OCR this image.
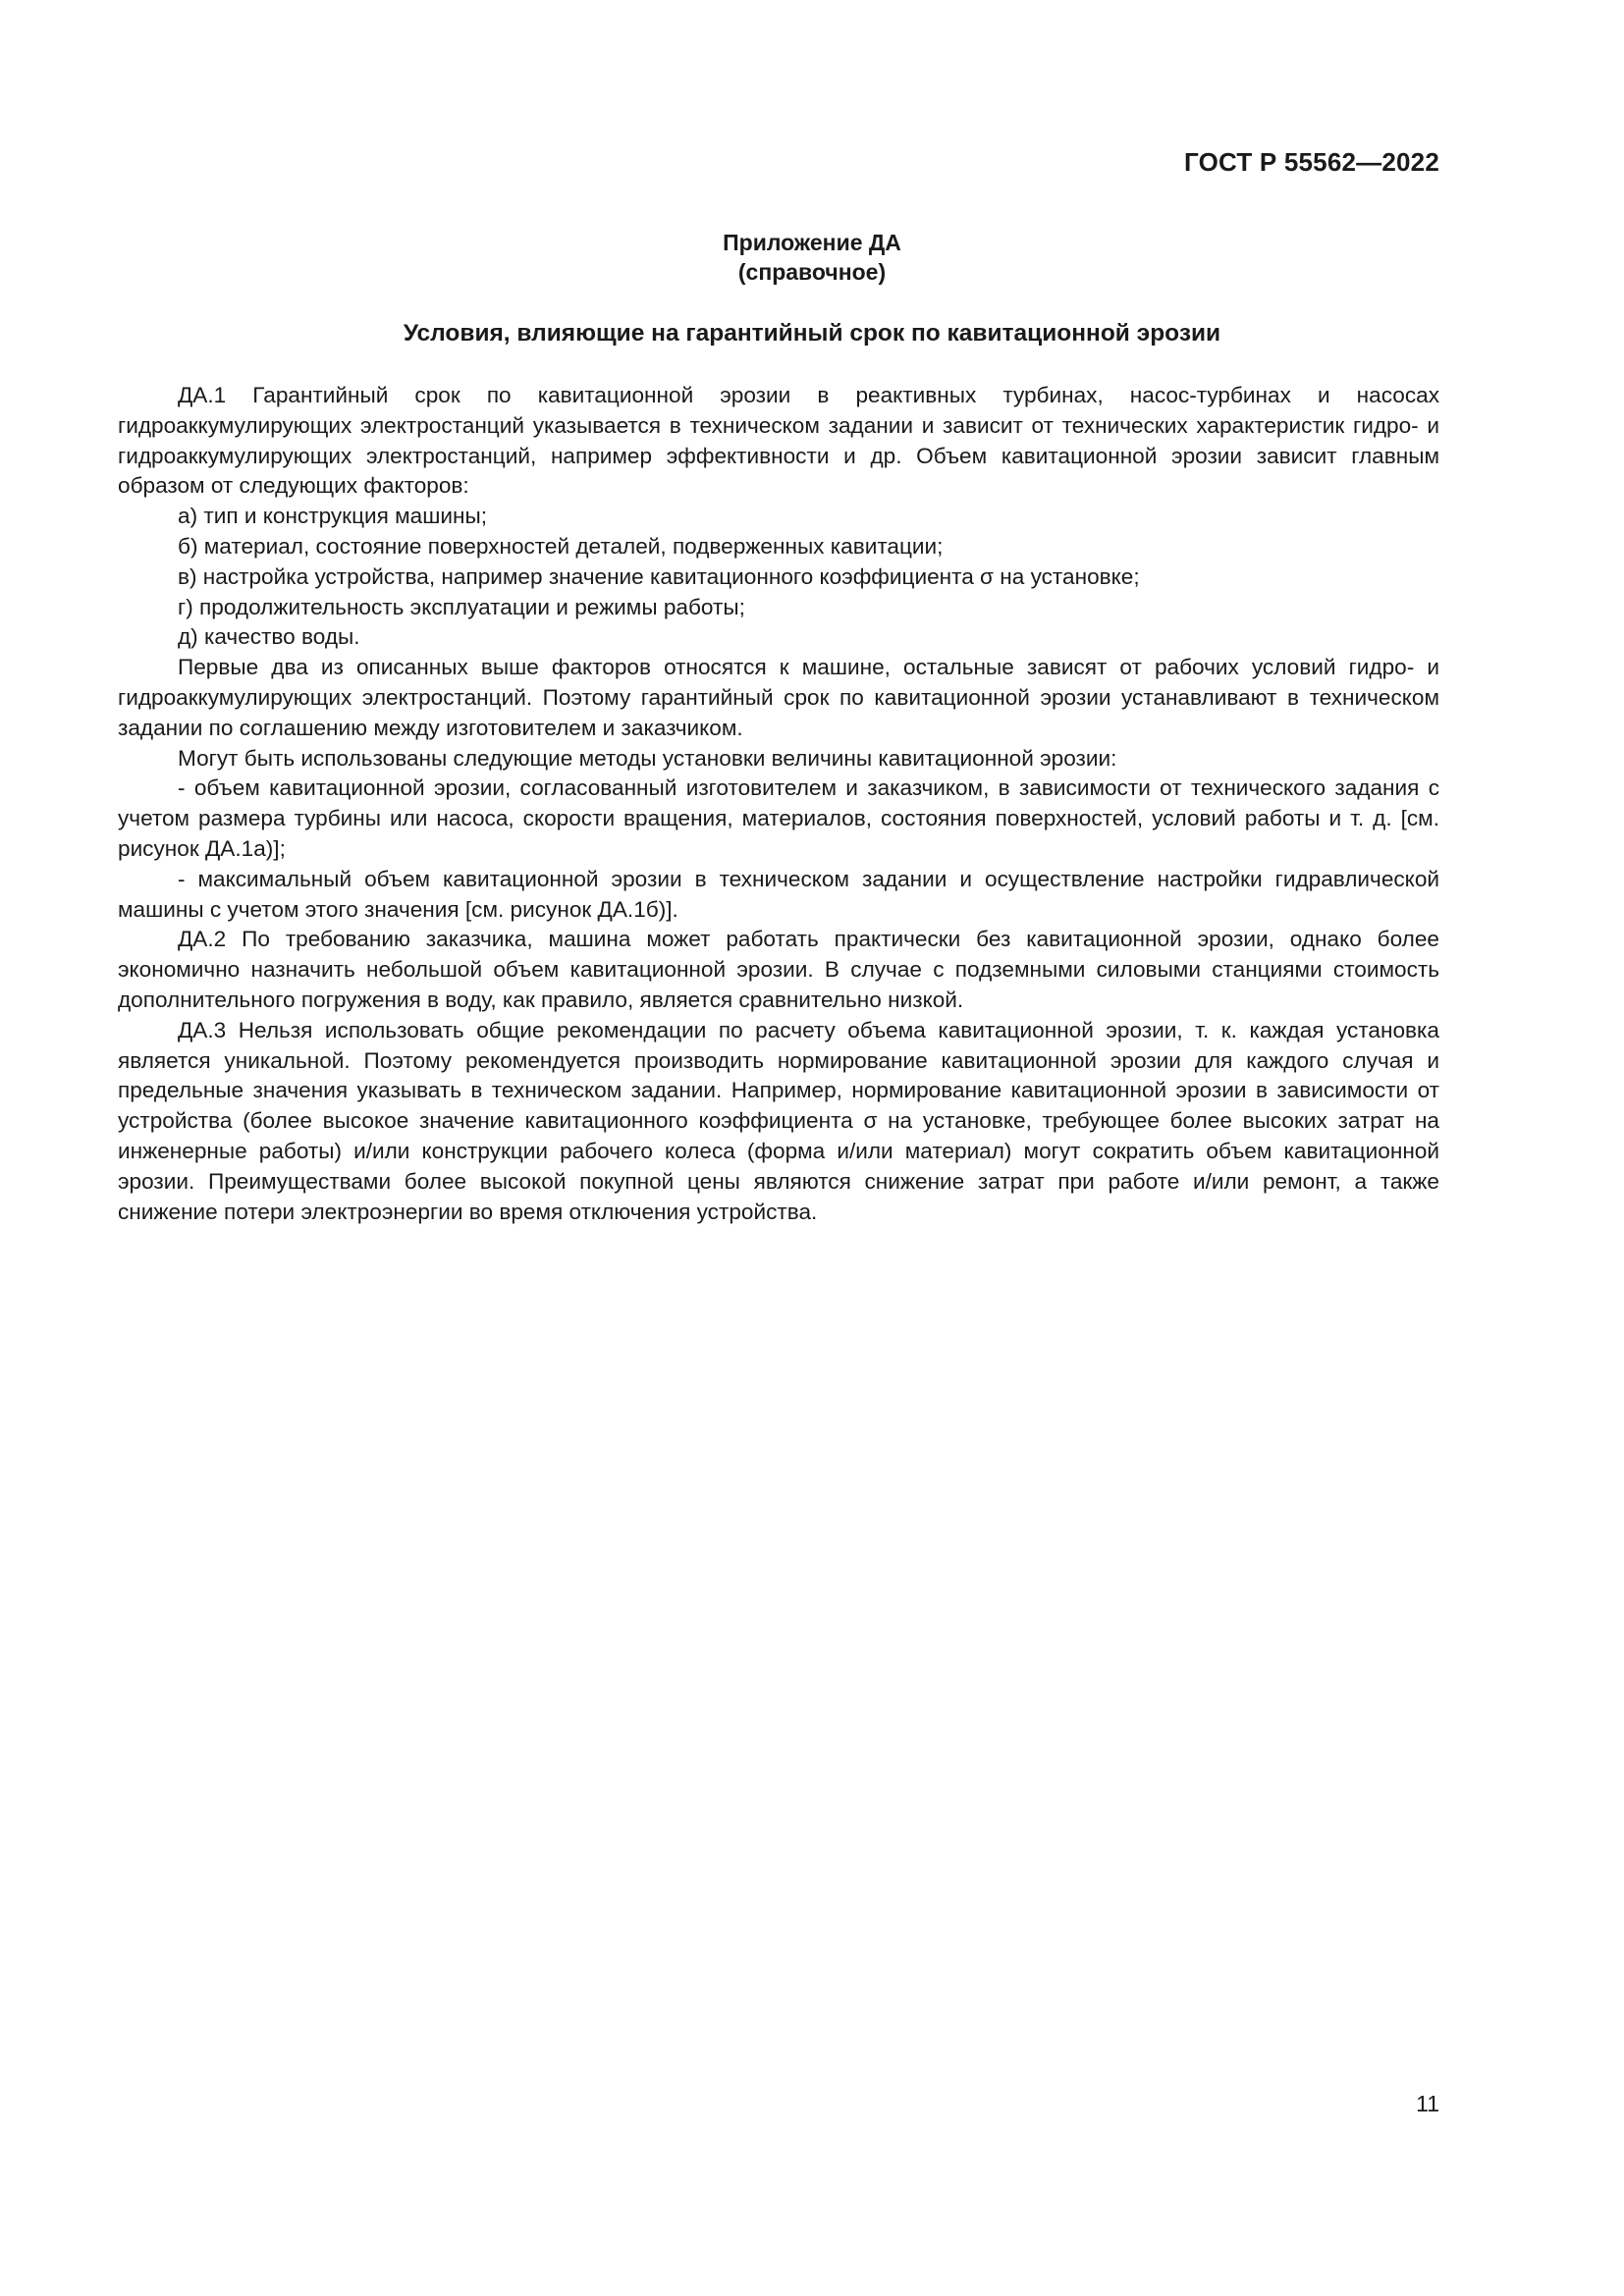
ГОСТ Р 55562—2022
Приложение ДА
(справочное)
Условия, влияющие на гарантийный срок по кавитационной эрозии

ДА.1 Гарантийный срок по кавитационной эрозии в реактивных турбинах, насос-турбинах и насосах гидроаккумулирующих электростанций указывается в техническом задании и зависит от технических характеристик гидро- и гидроаккумулирующих электростанций, например эффективности и др. Объем кавитационной эрозии зависит главным образом от следующих факторов:

а) тип и конструкция машины;

б) материал, состояние поверхностей деталей, подверженных кавитации;

в) настройка устройства, например значение кавитационного коэффициента σ на установке;

г) продолжительность эксплуатации и режимы работы;

д) качество воды.

Первые два из описанных выше факторов относятся к машине, остальные зависят от рабочих условий гидро- и гидроаккумулирующих электростанций. Поэтому гарантийный срок по кавитационной эрозии устанавливают в техническом задании по соглашению между изготовителем и заказчиком.

Могут быть использованы следующие методы установки величины кавитационной эрозии:

- объем кавитационной эрозии, согласованный изготовителем и заказчиком, в зависимости от технического задания с учетом размера турбины или насоса, скорости вращения, материалов, состояния поверхностей, условий работы и т. д. [см. рисунок ДА.1а)];

- максимальный объем кавитационной эрозии в техническом задании и осуществление настройки гидравлической машины с учетом этого значения [см. рисунок ДА.1б)].

ДА.2 По требованию заказчика, машина может работать практически без кавитационной эрозии, однако более экономично назначить небольшой объем кавитационной эрозии. В случае с подземными силовыми станциями стоимость дополнительного погружения в воду, как правило, является сравнительно низкой.

ДА.3 Нельзя использовать общие рекомендации по расчету объема кавитационной эрозии, т. к. каждая установка является уникальной. Поэтому рекомендуется производить нормирование кавитационной эрозии для каждого случая и предельные значения указывать в техническом задании. Например, нормирование кавитационной эрозии в зависимости от устройства (более высокое значение кавитационного коэффициента σ на установке, требующее более высоких затрат на инженерные работы) и/или конструкции рабочего колеса (форма и/или материал) могут сократить объем кавитационной эрозии. Преимуществами более высокой покупной цены являются снижение затрат при работе и/или ремонт, а также снижение потери электроэнергии во время отключения устройства.

11
